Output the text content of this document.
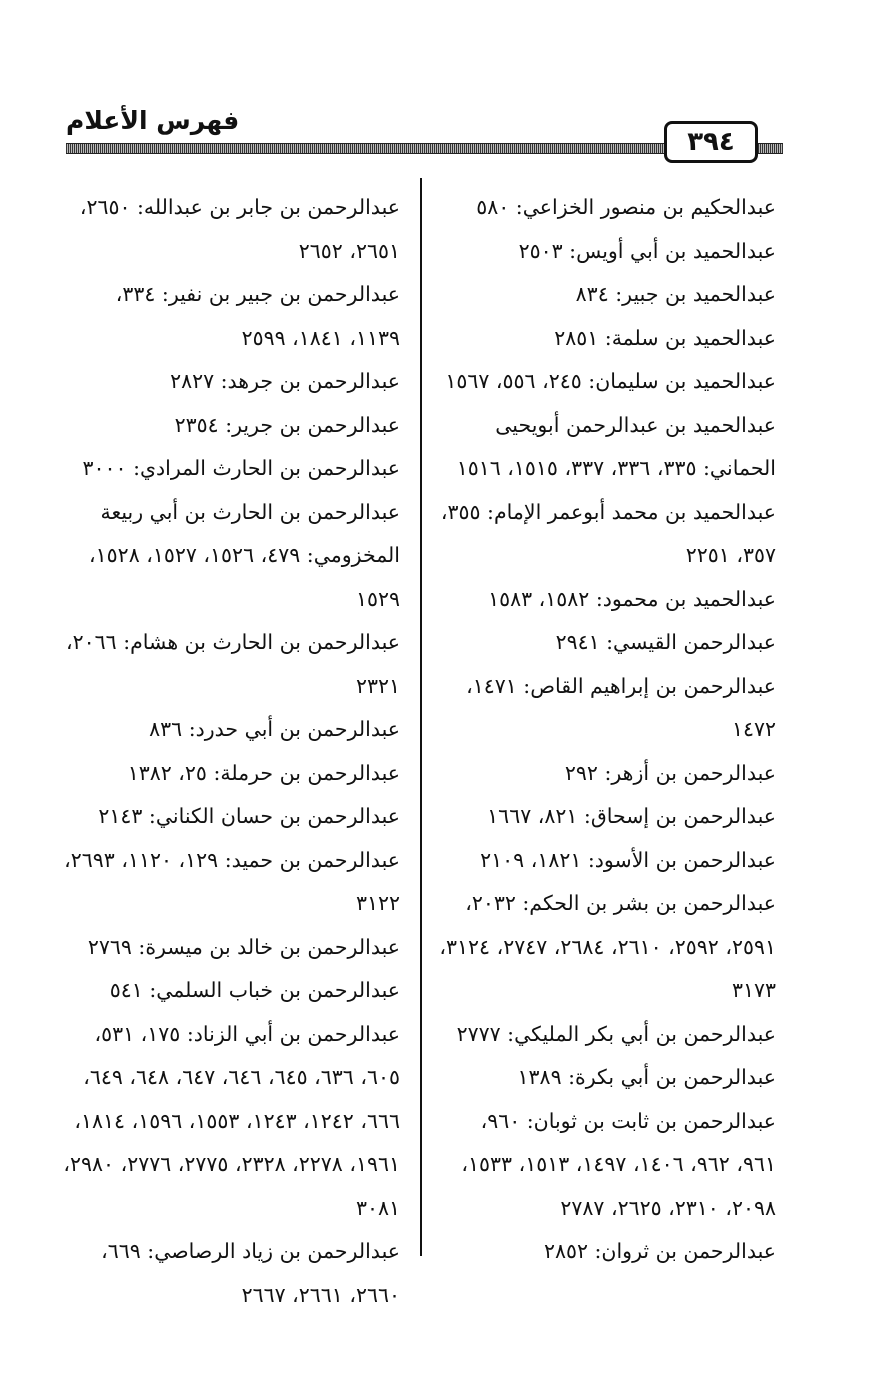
فهرس الأعلام
٣٩٤

عبدالحكيم بن منصور الخزاعي: ٥٨٠

عبدالحميد بن أبي أويس: ٢٥٠٣

عبدالحميد بن جبير: ٨٣٤

عبدالحميد بن سلمة: ٢٨٥١

عبدالحميد بن سليمان: ٢٤٥، ٥٥٦، ١٥٦٧

عبدالحميد بن عبدالرحمن أبويحيى الحماني: ٣٣٥، ٣٣٦، ٣٣٧، ١٥١٥، ١٥١٦

عبدالحميد بن محمد أبوعمر الإمام: ٣٥٥، ٣٥٧، ٢٢٥١

عبدالحميد بن محمود: ١٥٨٢، ١٥٨٣

عبدالرحمن القيسي: ٢٩٤١

عبدالرحمن بن إبراهيم القاص: ١٤٧١، ١٤٧٢

عبدالرحمن بن أزهر: ٢٩٢

عبدالرحمن بن إسحاق: ٨٢١، ١٦٦٧

عبدالرحمن بن الأسود: ١٨٢١، ٢١٠٩

عبدالرحمن بن بشر بن الحكم: ٢٠٣٢، ٢٥٩١، ٢٥٩٢، ٢٦١٠، ٢٦٨٤، ٢٧٤٧، ٣١٢٤، ٣١٧٣

عبدالرحمن بن أبي بكر المليكي: ٢٧٧٧

عبدالرحمن بن أبي بكرة: ١٣٨٩

عبدالرحمن بن ثابت بن ثوبان: ٩٦٠، ٩٦١، ٩٦٢، ١٤٠٦، ١٤٩٧، ١٥١٣، ١٥٣٣، ٢٠٩٨، ٢٣١٠، ٢٦٢٥، ٢٧٨٧

عبدالرحمن بن ثروان: ٢٨٥٢

عبدالرحمن بن جابر بن عبدالله: ٢٦٥٠، ٢٦٥١، ٢٦٥٢

عبدالرحمن بن جبير بن نفير: ٣٣٤، ١١٣٩، ١٨٤١، ٢٥٩٩

عبدالرحمن بن جرهد: ٢٨٢٧

عبدالرحمن بن جرير: ٢٣٥٤

عبدالرحمن بن الحارث المرادي: ٣٠٠٠

عبدالرحمن بن الحارث بن أبي ربيعة المخزومي: ٤٧٩، ١٥٢٦، ١٥٢٧، ١٥٢٨، ١٥٢٩

عبدالرحمن بن الحارث بن هشام: ٢٠٦٦، ٢٣٢١

عبدالرحمن بن أبي حدرد: ٨٣٦

عبدالرحمن بن حرملة: ٢٥، ١٣٨٢

عبدالرحمن بن حسان الكناني: ٢١٤٣

عبدالرحمن بن حميد: ١٢٩، ١١٢٠، ٢٦٩٣، ٣١٢٢

عبدالرحمن بن خالد بن ميسرة: ٢٧٦٩

عبدالرحمن بن خباب السلمي: ٥٤١

عبدالرحمن بن أبي الزناد: ١٧٥، ٥٣١، ٦٠٥، ٦٣٦، ٦٤٥، ٦٤٦، ٦٤٧، ٦٤٨، ٦٤٩، ٦٦٦، ١٢٤٢، ١٢٤٣، ١٥٥٣، ١٥٩٦، ١٨١٤، ١٩٦١، ٢٢٧٨، ٢٣٢٨، ٢٧٧٥، ٢٧٧٦، ٢٩٨٠، ٣٠٨١

عبدالرحمن بن زياد الرصاصي: ٦٦٩، ٢٦٦٠، ٢٦٦١، ٢٦٦٧
